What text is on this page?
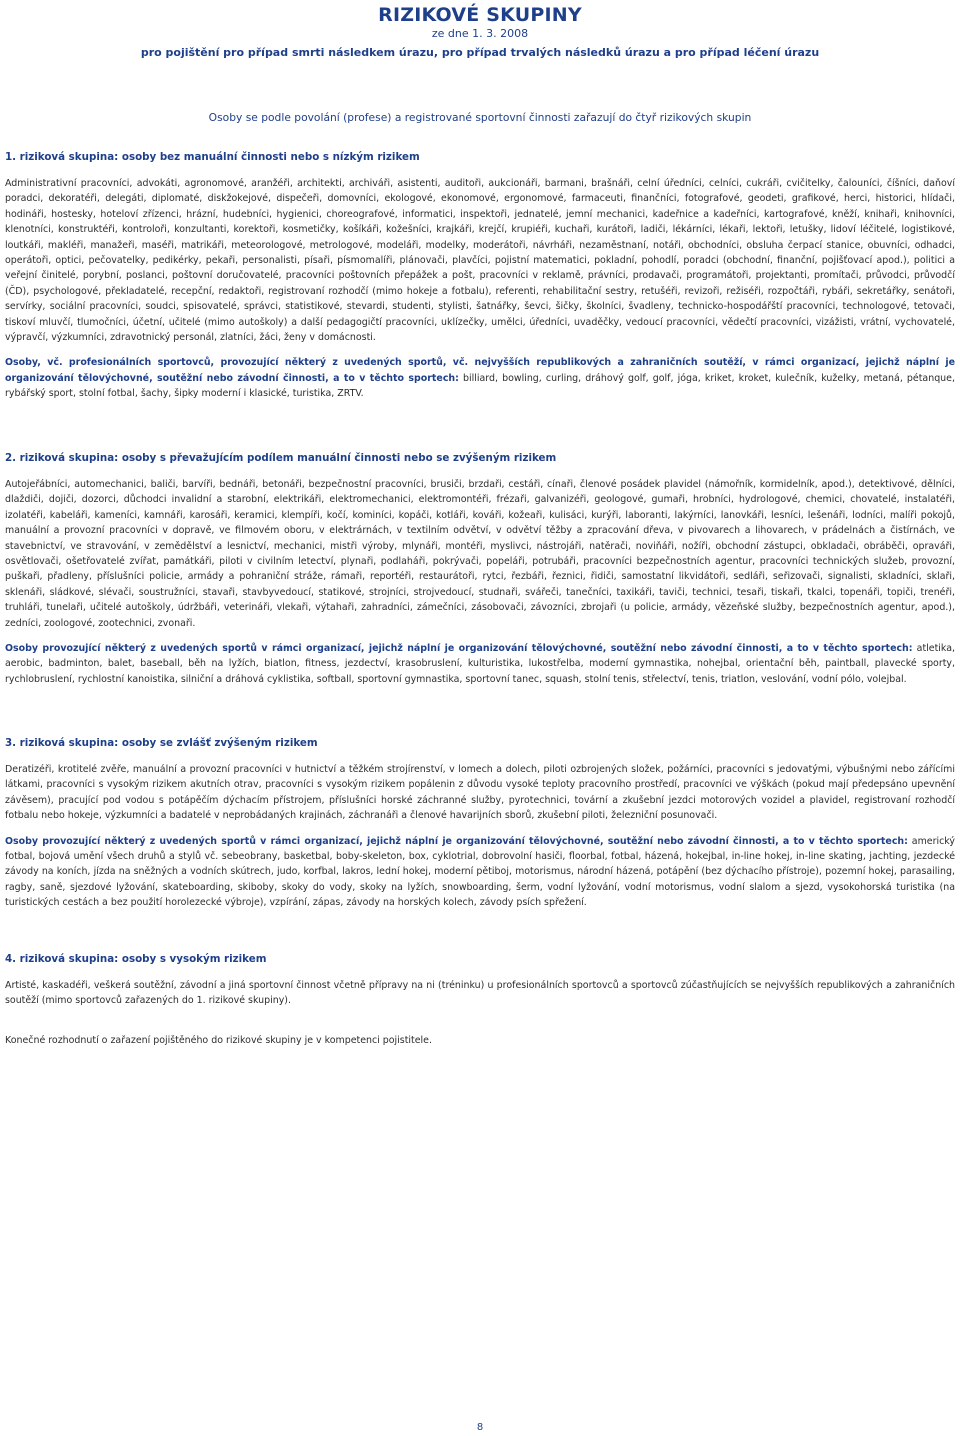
RIZIKOVÉ SKUPINY
ze dne 1. 3. 2008
pro pojištění pro případ smrti následkem úrazu, pro případ trvalých následků úrazu a pro případ léčení úrazu
Osoby se podle povolání (profese) a registrované sportovní činnosti zařazují do čtyř rizikových skupin

1. riziková skupina: osoby bez manuální činnosti nebo s nízkým rizikem

Administrativní pracovníci, advokáti, agronomové, aranžéři, architekti, archiváři, asistenti, auditoři, aukcionáři, barmani, brašnáři, celní úředníci, celníci, cukráři, cvičitelky, čalouníci, číšníci, daňoví poradci, dekoratéři, delegáti, diplomaté, diskžokejové, dispečeři, domovníci, ekologové, ekonomové, ergonomové, farmaceuti, finančníci, fotografové, geodeti, grafikové, herci, historici, hlídači, hodináři, hostesky, hoteloví zřízenci, hrázní, hudebníci, hygienici, choreografové, informatici, inspektoři, jednatelé, jemní mechanici, kadeřnice a kadeřníci, kartografové, kněží, knihaři, knihovníci, klenotníci, konstruktéři, kontroloři, konzultanti, korektoři, kosmetičky, košíkáři, kožešníci, krajkáři, krejčí, krupiéři, kuchaři, kurátoři, ladiči, lékárníci, lékaři, lektoři, letušky, lidoví léčitelé, logistikové, loutkáři, makléři, manažeři, maséři, matrikáři, meteorologové, metrologové, modeláři, modelky, moderátoři, návrháři, nezaměstnaní, notáři, obchodníci, obsluha čerpací stanice, obuvníci, odhadci, operátoři, optici, pečovatelky, pedikérky, pekaři, personalisti, písaři, písmomalíři, plánovači, plavčíci, pojistní matematici, pokladní, pohodlí, poradci (obchodní, finanční, pojišťovací apod.), politici a veřejní činitelé, porybní, poslanci, poštovní doručovatelé, pracovníci poštovních přepážek a pošt, pracovníci v reklamě, právníci, prodavači, programátoři, projektanti, promítači, průvodci, průvodčí (ČD), psychologové, překladatelé, recepční, redaktoři, registrovaní rozhodčí (mimo hokeje a fotbalu), referenti, rehabilitační sestry, retušéři, revizoři, režiséři, rozpočtáři, rybáři, sekretářky, senátoři, servírky, sociální pracovníci, soudci, spisovatelé, správci, statistikové, stevardi, studenti, stylisti, šatnářky, ševci, šičky, školníci, švadleny, technicko-hospodářští pracovníci, technologové, tetovači, tiskoví mluvčí, tlumočníci, účetní, učitelé (mimo autoškoly) a další pedagogičtí pracovníci, uklízečky, umělci, úředníci, uvaděčky, vedoucí pracovníci, vědečtí pracovníci, vizážisti, vrátní, vychovatelé, výpravčí, výzkumníci, zdravotnický personál, zlatníci, žáci, ženy v domácnosti.

Osoby, vč. profesionálních sportovců, provozující některý z uvedených sportů, vč. nejvyšších republikových a zahraničních soutěží, v rámci organizací, jejichž náplní je organizování tělovýchovné, soutěžní nebo závodní činnosti, a to v těchto sportech: billiard, bowling, curling, dráhový golf, golf, jóga, kriket, kroket, kulečník, kuželky, metaná, pétanque, rybářský sport, stolní fotbal, šachy, šipky moderní i klasické, turistika, ZRTV.

2. riziková skupina: osoby s převažujícím podílem manuální činnosti nebo se zvýšeným rizikem

Autojeřábníci, automechanici, baliči, barvíři, bednáři, betonáři, bezpečnostní pracovníci, brusiči, brzdaři, cestáři, cínaři, členové posádek plavidel (námořník, kormidelník, apod.), detektivové, dělníci, dlaždiči, dojiči, dozorci, důchodci invalidní a starobní, elektrikáři, elektromechanici, elektromontéři, frézaři, galvanizéři, geologové, gumaři, hrobníci, hydrologové, chemici, chovatelé, instalatéři, izolatéři, kabeláři, kameníci, kamnáři, karosáři, keramici, klempíři, kočí, kominíci, kopáči, kotláři, kováři, kožeaři, kulisáci, kurýři, laboranti, lakýrníci, lanovkáři, lesníci, lešenáři, lodníci, malíři pokojů, manuální a provozní pracovníci v dopravě, ve filmovém oboru, v elektrárnách, v textilním odvětví, v odvětví těžby a zpracování dřeva, v pivovarech a lihovarech, v prádelnách a čistírnách, ve stavebnictví, ve stravování, v zemědělství a lesnictví, mechanici, mistři výroby, mlynáři, montéři, myslivci, nástrojáři, natěrači, noviňáři, nožíři, obchodní zástupci, obkladači, obráběči, opraváři, osvětlovači, ošetřovatelé zvířat, památkáři, piloti v civilním letectví, plynaři, podlaháři, pokrývači, popeláři, potrubáři, pracovníci bezpečnostních agentur, pracovníci technických služeb, provozní, puškaři, přadleny, příslušníci policie, armády a pohraniční stráže, rámaři, reportéři, restaurátoři, rytci, řezbáři, řeznici, řidiči, samostatní likvidátoři, sedláři, seřizovači, signalisti, skladníci, sklaři, sklenáři, sládkové, slévači, soustružníci, stavaři, stavbyvedoucí, statikové, strojníci, strojvedoucí, studnaři, svářeči, tanečníci, taxikáři, taviči, technici, tesaři, tiskaři, tkalci, topenáři, topiči, trenéři, truhláři, tunelaři, učitelé autoškoly, údržbáři, veterináři, vlekaři, výtahaři, zahradníci, zámečníci, zásobovači, závozníci, zbrojaři (u policie, armády, vězeňské služby, bezpečnostních agentur, apod.), zedníci, zoologové, zootechnici, zvonaři.

Osoby provozující některý z uvedených sportů v rámci organizací, jejichž náplní je organizování tělovýchovné, soutěžní nebo závodní činnosti, a to v těchto sportech: atletika, aerobic, badminton, balet, baseball, běh na lyžích, biatlon, fitness, jezdectví, krasobruslení, kulturistika, lukostřelba, moderní gymnastika, nohejbal, orientační běh, paintball, plavecké sporty, rychlobruslení, rychlostní kanoistika, silniční a dráhová cyklistika, softball, sportovní gymnastika, sportovní tanec, squash, stolní tenis, střelectví, tenis, triatlon, veslování, vodní pólo, volejbal.

3. riziková skupina: osoby se zvlášť zvýšeným rizikem

Deratizéři, krotitelé zvěře, manuální a provozní pracovníci v hutnictví a těžkém strojírenství, v lomech a dolech, piloti ozbrojených složek, požárníci, pracovníci s jedovatými, výbušnými nebo zářícími látkami, pracovníci s vysokým rizikem akutních otrav, pracovníci s vysokým rizikem popálenin z důvodu vysoké teploty pracovního prostředí, pracovníci ve výškách (pokud mají předepsáno upevnění závěsem), pracující pod vodou s potápěčím dýchacím přístrojem, příslušníci horské záchranné služby, pyrotechnici, tovární a zkušební jezdci motorových vozidel a plavidel, registrovaní rozhodčí fotbalu nebo hokeje, výzkumníci a badatelé v neprobádaných krajinách, záchranáři a členové havarijních sborů, zkušební piloti, železniční posunovači.

Osoby provozující některý z uvedených sportů v rámci organizací, jejichž náplní je organizování tělovýchovné, soutěžní nebo závodní činnosti, a to v těchto sportech: americký fotbal, bojová umění všech druhů a stylů vč. sebeobrany, basketbal, boby-skeleton, box, cyklotrial, dobrovolní hasiči, floorbal, fotbal, házená, hokejbal, in-line hokej, in-line skating, jachting, jezdecké závody na koních, jízda na sněžných a vodních skútrech, judo, korfbal, lakros, lední hokej, moderní pětiboj, motorismus, národní házená, potápění (bez dýchacího přístroje), pozemní hokej, parasailing, ragby, saně, sjezdové lyžování, skateboarding, skiboby, skoky do vody, skoky na lyžích, snowboarding, šerm, vodní lyžování, vodní motorismus, vodní slalom a sjezd, vysokohorská turistika (na turistických cestách a bez použití horolezecké výbroje), vzpírání, zápas, závody na horských kolech, závody psích spřežení.

4. riziková skupina: osoby s vysokým rizikem

Artisté, kaskadéři, veškerá soutěžní, závodní a jiná sportovní činnost včetně přípravy na ni (tréninku) u profesionálních sportovců a sportovců zúčastňujících se nejvyšších republikových a zahraničních soutěží (mimo sportovců zařazených do 1. rizikové skupiny).

Konečné rozhodnutí o zařazení pojištěného do rizikové skupiny je v kompetenci pojistitele.
8
